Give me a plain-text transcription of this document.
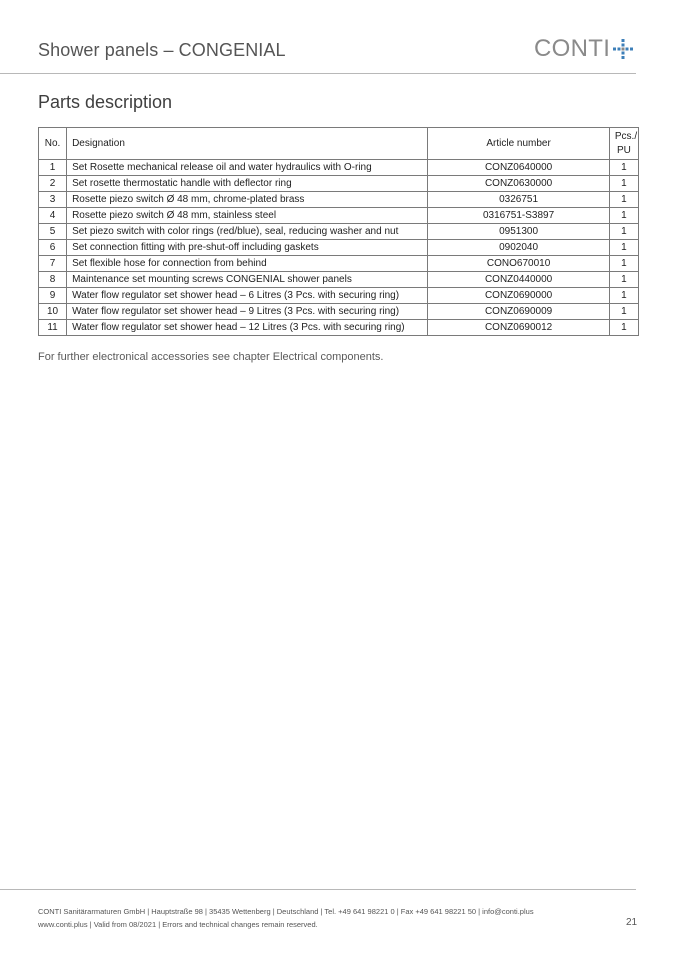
Shower panels – CONGENIAL	CONTI
Parts description
No.	Designation	Article number	Pcs./
PU
1	Set Rosette mechanical release oil and water hydraulics with O-ring	CONZ0640000	1
2	Set rosette thermostatic handle with deflector ring	CONZ0630000	1
3	Rosette piezo switch Ø 48 mm, chrome-plated brass	0326751	1
4	Rosette piezo switch Ø 48 mm, stainless steel	0316751-S3897	1
5	Set piezo switch with color rings (red/blue), seal, reducing washer and nut	0951300	1
6	Set connection fitting with pre-shut-off including gaskets	0902040	1
7	Set flexible hose for connection from behind	CONO670010	1
8	Maintenance set mounting screws CONGENIAL shower panels	CONZ0440000	1
9	Water flow regulator set shower head – 6 Litres (3 Pcs. with securing ring)	CONZ0690000	1
10	Water flow regulator set shower head – 9 Litres (3 Pcs. with securing ring)	CONZ0690009	1
11	Water flow regulator set shower head – 12 Litres (3 Pcs. with securing ring)	CONZ0690012	1
For further electronical accessories see chapter Electrical components.
CONTI Sanitärarmaturen GmbH | Hauptstraße 98 | 35435 Wettenberg | Deutschland | Tel. +49 641 98221 0 | Fax +49 641 98221 50 | info@conti.plus
www.conti.plus | Valid from 08/2021 | Errors and technical changes remain reserved.	21
